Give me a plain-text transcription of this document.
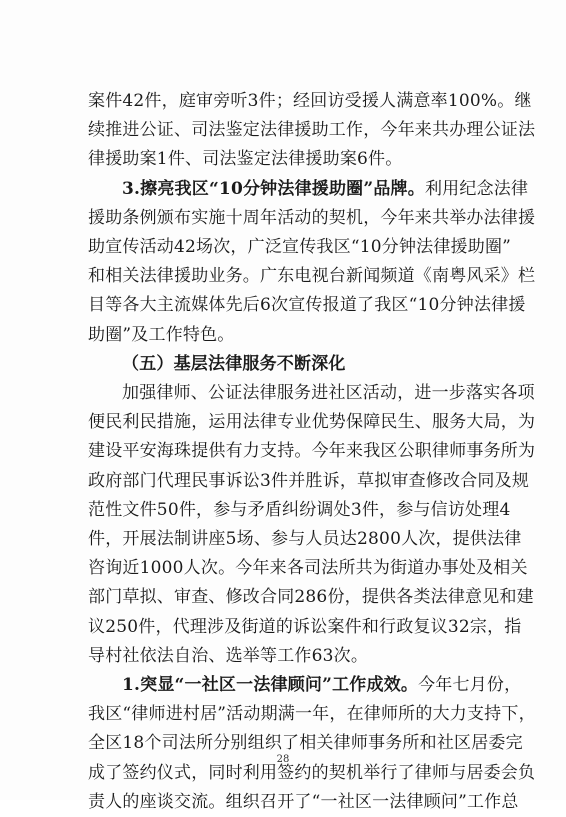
案件42件，庭审旁听3件；经回访受援人满意率100%。继
续推进公证、司法鉴定法律援助工作，今年来共办理公证法
律援助案1件、司法鉴定法律援助案6件。
3.擦亮我区“10分钟法律援助圈”品牌。利用纪念法律
援助条例颁布实施十周年活动的契机，今年来共举办法律援
助宣传活动42场次，广泛宣传我区“10分钟法律援助圈”
和相关法律援助业务。广东电视台新闻频道《南粤风采》栏
目等各大主流媒体先后6次宣传报道了我区“10分钟法律援
助圈”及工作特色。
（五）基层法律服务不断深化
加强律师、公证法律服务进社区活动，进一步落实各项
便民利民措施，运用法律专业优势保障民生、服务大局，为
建设平安海珠提供有力支持。今年来我区公职律师事务所为
政府部门代理民事诉讼3件并胜诉，草拟审查修改合同及规
范性文件50件，参与矛盾纠纷调处3件，参与信访处理4
件，开展法制讲座5场、参与人员达2800人次，提供法律
咨询近1000人次。今年来各司法所共为街道办事处及相关
部门草拟、审查、修改合同286份，提供各类法律意见和建
议250件，代理涉及街道的诉讼案件和行政复议32宗，指
导村社依法自治、选举等工作63次。
1.突显“一社区一法律顾问”工作成效。今年七月份，
我区“律师进村居”活动期满一年，在律师所的大力支持下，
全区18个司法所分别组织了相关律师事务所和社区居委完
成了签约仪式，同时利用签约的契机举行了律师与居委会负
责人的座谈交流。组织召开了“一社区一法律顾问”工作总
28
